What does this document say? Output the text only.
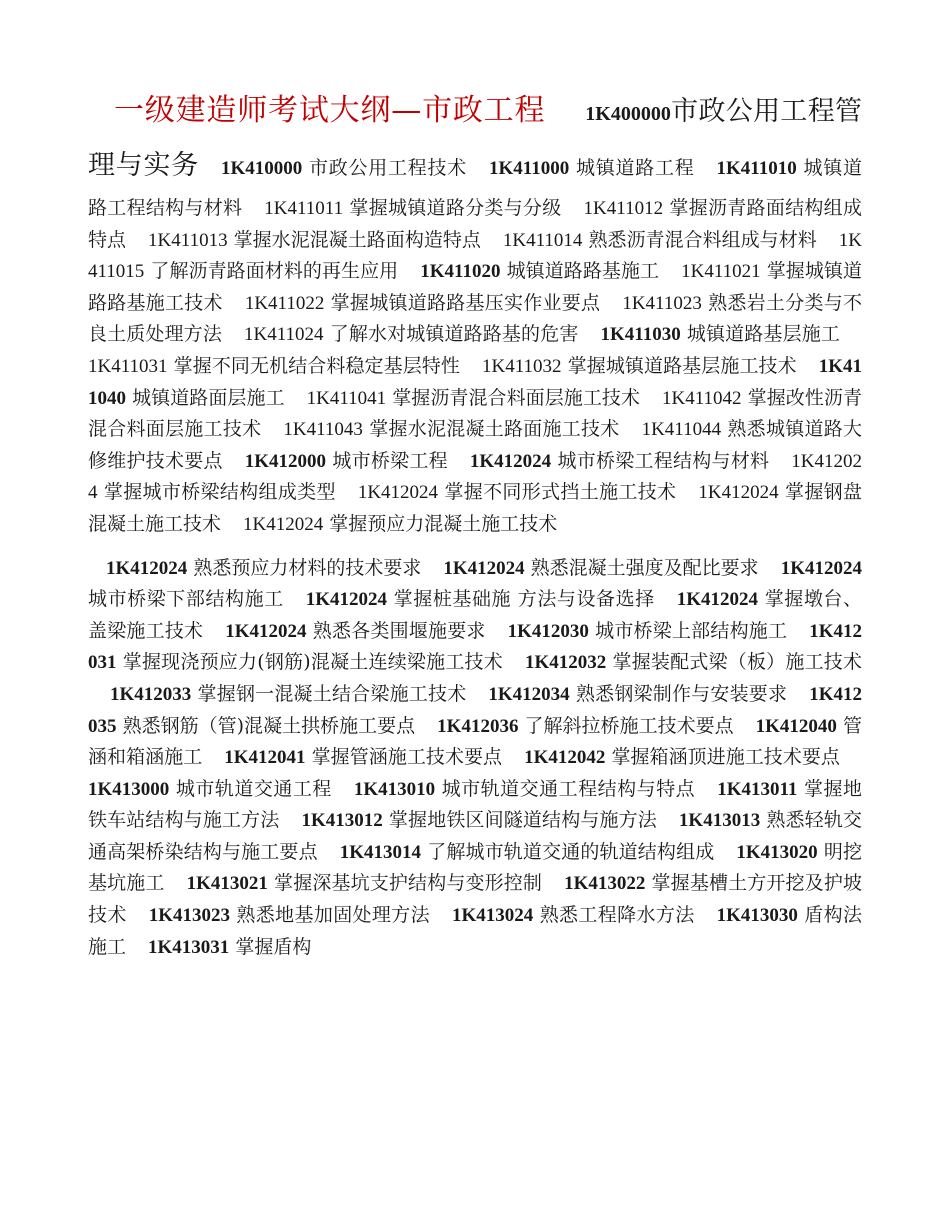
一级建造师考试大纲—市政工程 1K400000市政公用工程管理与实务 1K410000 市政公用工程技术 1K411000 城镇道路工程 1K411010 城镇道路工程结构与材料 1K411011 掌握城镇道路分类与分级 1K411012 掌握沥青路面结构组成特点 1K411013 掌握水泥混凝土路面构造特点 1K411014 熟悉沥青混合料组成与材料 1K411015 了解沥青路面材料的再生应用 1K411020 城镇道路路基施工 1K411021 掌握城镇道路路基施工技术 1K411022 掌握城镇道路路基压实作业要点 1K411023 熟悉岩土分类与不良土质处理方法 1K411024 了解水对城镇道路路基的危害 1K411030 城镇道路基层施工1K411031 掌握不同无机结合料稳定基层特性 1K411032 掌握城镇道路基层施工技术 1K411040 城镇道路面层施工 1K411041 掌握沥青混合料面层施工技术 1K411042 掌握改性沥青混合料面层施工技术 1K411043 掌握水泥混凝土路面施工技术 1K411044 熟悉城镇道路大修维护技术要点 1K412000 城市桥梁工程 1K412024 城市桥梁工程结构与材料 1K412024 掌握城市桥梁结构组成类型 1K412024 掌握不同形式挡土施工技术 1K412024 掌握钢盘混凝土施工技术 1K412024 掌握预应力混凝土施工技术

1K412024 熟悉预应力材料的技术要求 1K412024 熟悉混凝土强度及配比要求 1K412024 城市桥梁下部结构施工 1K412024 掌握桩基础施 方法与设备选择 1K412024 掌握墩台、盖梁施工技术 1K412024 熟悉各类围堰施要求 1K412030 城市桥梁上部结构施工 1K412031 掌握现浇预应力(钢筋)混凝土连续梁施工技术 1K412032 掌握装配式梁（板）施工技术1K412033 掌握钢一混凝土结合梁施工技术 1K412034 熟悉钢梁制作与安装要求 1K412035 熟悉钢筋（管)混凝土拱桥施工要点 1K412036 了解斜拉桥施工技术要点 1K412040 管涵和箱涵施工 1K412041 掌握管涵施工技术要点 1K412042 掌握箱涵顶进施工技术要点1K413000 城市轨道交通工程 1K413010 城市轨道交通工程结构与特点 1K413011 掌握地铁车站结构与施工方法 1K413012 掌握地铁区间隧道结构与施方法 1K413013 熟悉轻轨交通高架桥染结构与施工要点 1K413014 了解城市轨道交通的轨道结构组成 1K413020 明挖基坑施工 1K413021 掌握深基坑支护结构与变形控制 1K413022 掌握基槽土方开挖及护坡技术 1K413023 熟悉地基加固处理方法 1K413024 熟悉工程降水方法 1K413030 盾构法施工 1K413031 掌握盾构
